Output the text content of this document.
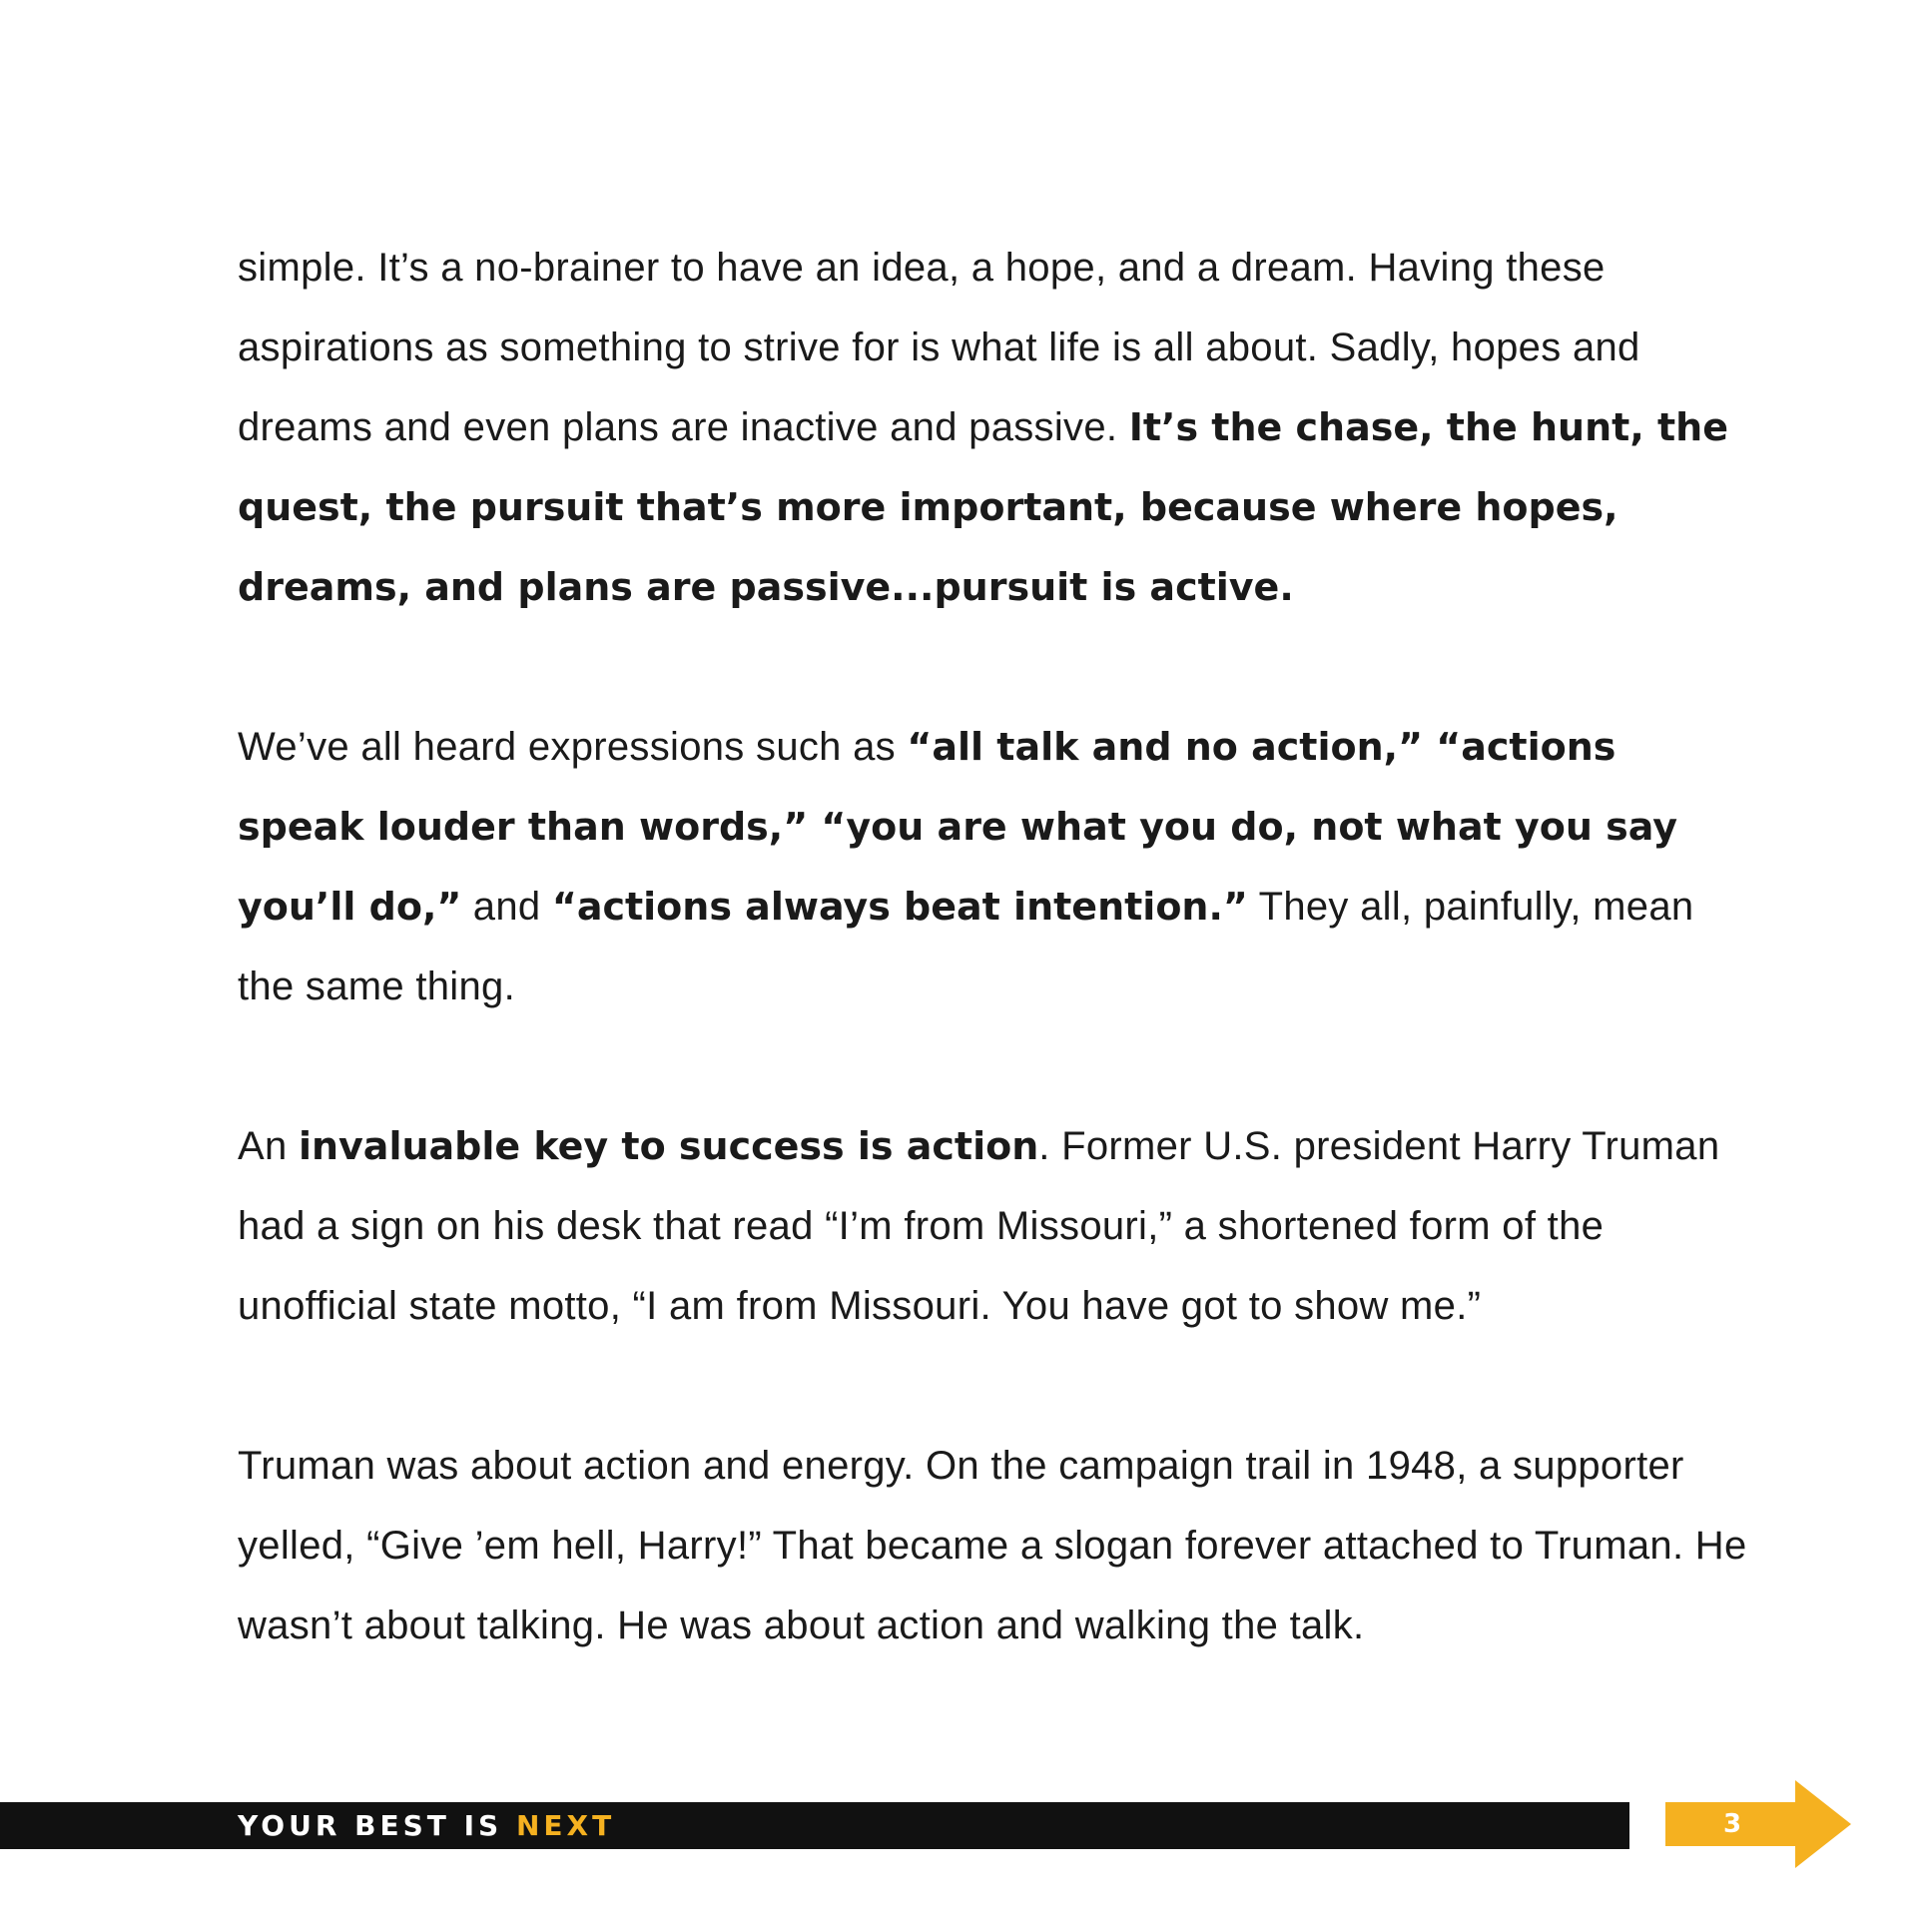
simple. It’s a no-brainer to have an idea, a hope, and a dream. Having these aspirations as something to strive for is what life is all about. Sadly, hopes and dreams and even plans are inactive and passive. It’s the chase, the hunt, the quest, the pursuit that’s more important, because where hopes, dreams, and plans are passive...pursuit is active.

We’ve all heard expressions such as “all talk and no action,” “actions speak louder than words,” “you are what you do, not what you say you’ll do,” and “actions always beat intention.” They all, painfully, mean the same thing.

An invaluable key to success is action. Former U.S. president Harry Truman had a sign on his desk that read “I’m from Missouri,” a shortened form of the unofficial state motto, “I am from Missouri. You have got to show me.”

Truman was about action and energy. On the campaign trail in 1948, a supporter yelled, “Give ’em hell, Harry!” That became a slogan forever attached to Truman. He wasn’t about talking. He was about action and walking the talk.

YOUR BEST IS NEXT	3
